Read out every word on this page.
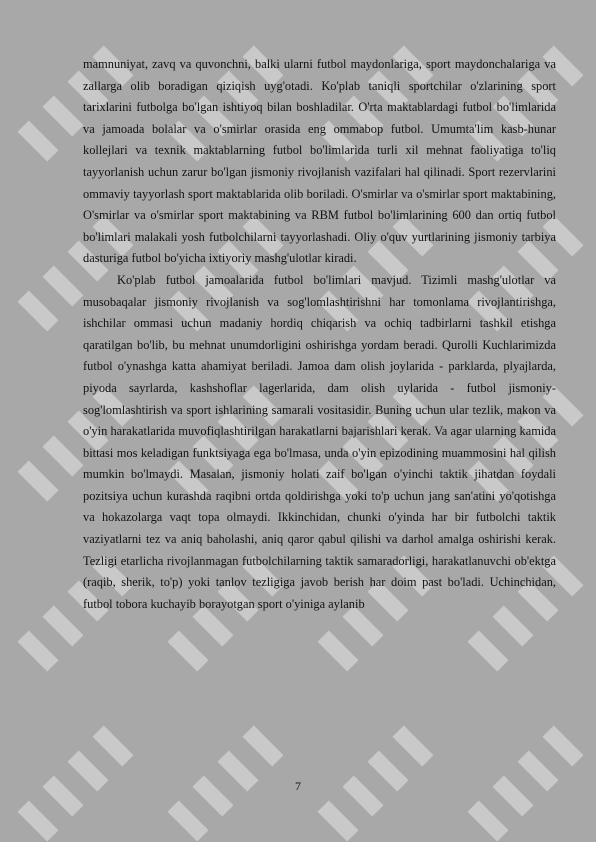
mamnuniyat, zavq va quvonchni, balki ularni futbol maydonlariga, sport maydonchalariga va zallarga olib boradigan qiziqish uyg'otadi. Ko'plab taniqli sportchilar o'zlarining sport tarixlarini futbolga bo'lgan ishtiyoq bilan boshladilar. O'rta maktablardagi futbol bo'limlarida va jamoada bolalar va o'smirlar orasida eng ommabop futbol. Umumta'lim kasb-hunar kollejlari va texnik maktablarning futbol bo'limlarida turli xil mehnat faoliyatiga to'liq tayyorlanish uchun zarur bo'lgan jismoniy rivojlanish vazifalari hal qilinadi. Sport rezervlarini ommaviy tayyorlash sport maktablarida olib boriladi. O'smirlar va o'smirlar sport maktabining, O'smirlar va o'smirlar sport maktabining va RBM futbol bo'limlarining 600 dan ortiq futbol bo'limlari malakali yosh futbolchilarni tayyorlashadi. Oliy o'quv yurtlarining jismoniy tarbiya dasturiga futbol bo'yicha ixtiyoriy mashg'ulotlar kiradi.

Ko'plab futbol jamoalarida futbol bo'limlari mavjud. Tizimli mashg'ulotlar va musobaqalar jismoniy rivojlanish va sog'lomlashtirishni har tomonlama rivojlantirishga, ishchilar ommasi uchun madaniy hordiq chiqarish va ochiq tadbirlarni tashkil etishga qaratilgan bo'lib, bu mehnat unumdorligini oshirishga yordam beradi. Qurolli Kuchlarimizda futbol o'ynashga katta ahamiyat beriladi. Jamoa dam olish joylarida - parklarda, plyajlarda, piyoda sayrlarda, kashshoflar lagerlarida, dam olish uylarida - futbol jismoniy-sog'lomlashtirish va sport ishlarining samarali vositasidir. Buning uchun ular tezlik, makon va o'yin harakatlarida muvofiqlashtirilgan harakatlarni bajarishlari kerak. Va agar ularning kamida bittasi mos keladigan funktsiyaga ega bo'lmasa, unda o'yin epizodining muammosini hal qilish mumkin bo'lmaydi. Masalan, jismoniy holati zaif bo'lgan o'yinchi taktik jihatdan foydali pozitsiya uchun kurashda raqibni ortda qoldirishga yoki to'p uchun jang san'atini yo'qotishga va hokazolarga vaqt topa olmaydi. Ikkinchidan, chunki o'yinda har bir futbolchi taktik vaziyatlarni tez va aniq baholashi, aniq qaror qabul qilishi va darhol amalga oshirishi kerak. Tezligi etarlicha rivojlanmagan futbolchilarning taktik samaradorligi, harakatlanuvchi ob'ektga (raqib, sherik, to'p) yoki tanlov tezligiga javob berish har doim past bo'ladi. Uchinchidan, futbol tobora kuchayib borayotgan sport o'yiniga aylanib

7
